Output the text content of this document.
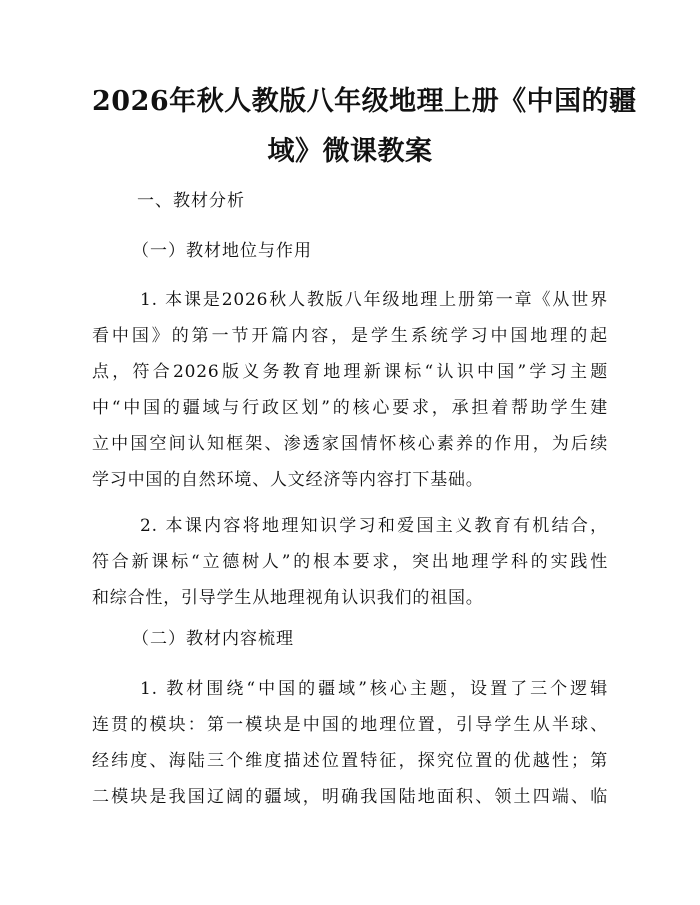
2026年秋人教版八年级地理上册《中国的疆
域》微课教案
一、教材分析
（一）教材地位与作用
1. 本课是2026秋人教版八年级地理上册第一章《从世界
看中国》的第一节开篇内容，是学生系统学习中国地理的起
点，符合2026版义务教育地理新课标“认识中国”学习主题
中“中国的疆域与行政区划”的核心要求，承担着帮助学生建
立中国空间认知框架、渗透家国情怀核心素养的作用，为后续
学习中国的自然环境、人文经济等内容打下基础。
2. 本课内容将地理知识学习和爱国主义教育有机结合，
符合新课标“立德树人”的根本要求，突出地理学科的实践性
和综合性，引导学生从地理视角认识我们的祖国。
（二）教材内容梳理
1. 教材围绕“中国的疆域”核心主题，设置了三个逻辑
连贯的模块：第一模块是中国的地理位置，引导学生从半球、
经纬度、海陆三个维度描述位置特征，探究位置的优越性；第
二模块是我国辽阔的疆域，明确我国陆地面积、领土四端、临
